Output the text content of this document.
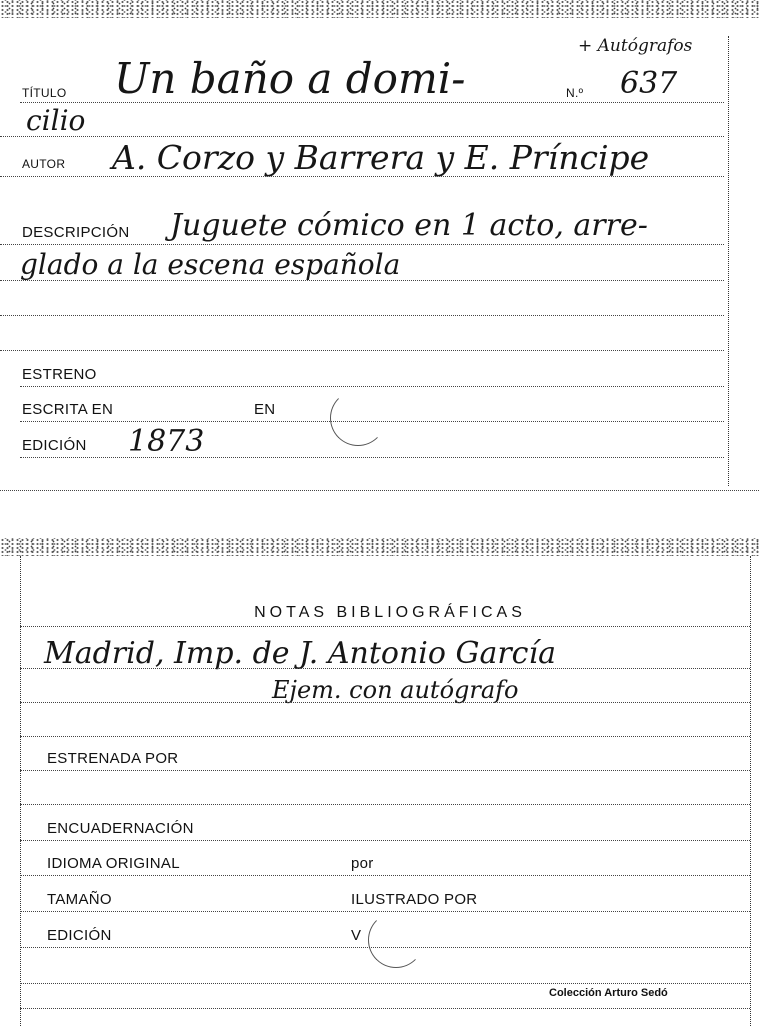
+ Autógrafos
TÍTULO Un baño a domi-	N.º 637
cilio
AUTOR A. Corzo y Barrera y E. Príncipe
DESCRIPCIÓN Juguete cómico en 1 acto, arre-
glado a la escena española
ESTRENO
ESCRITA EN	EN
EDICIÓN 1873
NOTAS BIBLIOGRÁFICAS
Madrid, Imp. de J. Antonio García
Ejem. con autógrafo
ESTRENADA POR
ENCUADERNACIÓN
IDIOMA ORIGINAL	por
TAMAÑO	ILUSTRADO POR
EDICIÓN	V
Colección Arturo Sedó
